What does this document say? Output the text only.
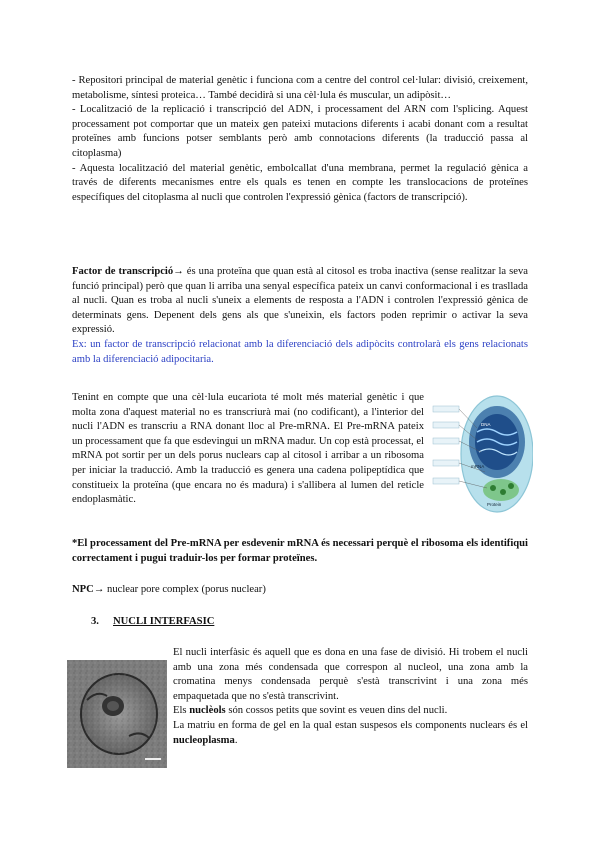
- Repositori principal de material genètic i funciona com a centre del control cel·lular: divisió, creixement, metabolisme, síntesi proteica… També decidirà si una cèl·lula és muscular, un adipòsit…

- Localització de la replicació i transcripció del ADN, i processament del ARN com l'splicing. Aquest processament pot comportar que un mateix gen pateixi mutacions diferents i acabi donant com a resultat proteïnes amb funcions potser semblants però amb connotacions diferents (la traducció passa al citoplasma)

- Aquesta localització del material genètic, embolcallat d'una membrana, permet la regulació gènica a través de diferents mecanismes entre els quals es tenen en compte les translocacions de proteïnes específiques del citoplasma al nucli que controlen l'expressió gènica (factors de transcripció).

Factor de transcripció→ és una proteïna que quan està al citosol es troba inactiva (sense realitzar la seva funció principal) però que quan li arriba una senyal específica pateix un canvi conformacional i es trasllada al nucli. Quan es troba al nucli s'uneix a elements de resposta a l'ADN i controlen l'expressió gènica de determinats gens. Depenent dels gens als que s'uneixin, els factors poden reprimir o activar la seva expressió.

Ex: un factor de transcripció relacionat amb la diferenciació dels adipòcits controlarà els gens relacionats amb la diferenciació adipocitaria.

Tenint en compte que una cèl·lula eucariota té molt més material genètic i que molta zona d'aquest material no es transcriurà mai (no codificant), a l'interior del nucli l'ADN es transcriu a RNA donant lloc al Pre-mRNA. El Pre-mRNA pateix un processament que fa que esdevingui un mRNA madur. Un cop està processat, el mRNA pot sortir per un dels porus nuclears cap al citosol i arribar a un ribosoma per iniciar la traducció. Amb la traducció es genera una cadena polipeptídica que constitueix la proteïna (que encara no és madura) i s'allibera al lumen del reticle endoplasmàtic.

DNA
mRNA
Protein
*El processament del Pre-mRNA per esdevenir mRNA és necessari perquè el ribosoma els identifiqui correctament i pugui traduir-los per formar proteïnes.
NPC→ nuclear pore complex (porus nuclear)
3. NUCLI INTERFASIC

El nucli interfàsic és aquell que es dona en una fase de divisió. Hi trobem el nucli amb una zona més condensada que correspon al nucleol, una zona amb la cromatina menys condensada perquè s'està transcrivint i una zona més empaquetada que no s'està transcrivint.

Els nuclèols són cossos petits que sovint es veuen dins del nucli.

La matriu en forma de gel en la qual estan suspesos els components nuclears és el nucleoplasma.
